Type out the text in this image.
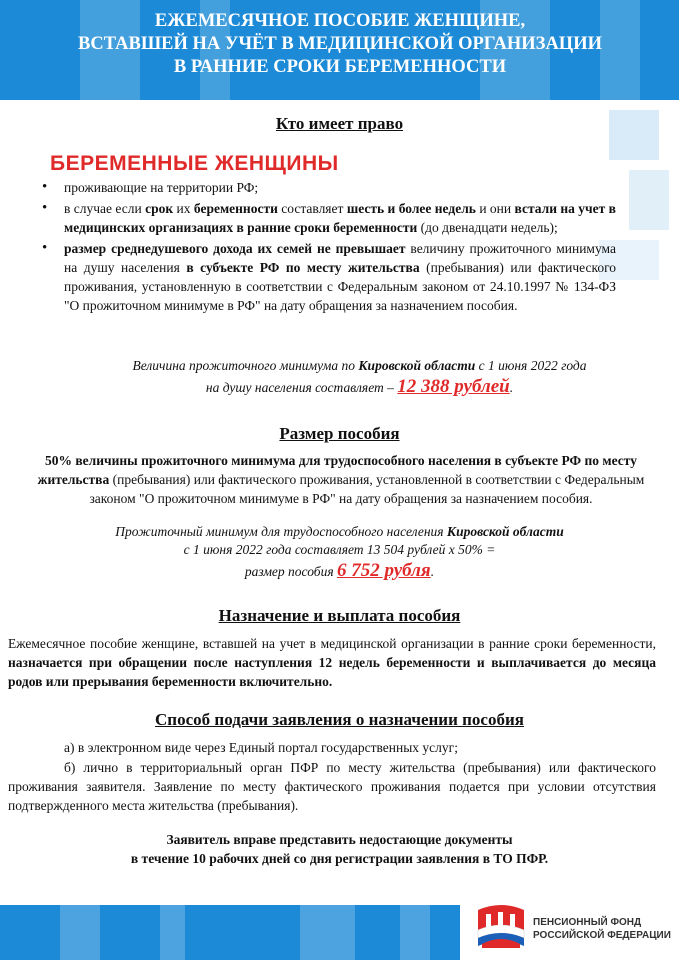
ЕЖЕМЕСЯЧНОЕ ПОСОБИЕ ЖЕНЩИНЕ,
ВСТАВШЕЙ НА УЧЁТ В МЕДИЦИНСКОЙ ОРГАНИЗАЦИИ
В РАННИЕ СРОКИ БЕРЕМЕННОСТИ
Кто имеет право
БЕРЕМЕННЫЕ ЖЕНЩИНЫ
• проживающие на территории РФ;
• в случае если срок их беременности составляет шесть и более недель и они встали на учет в медицинских организациях в ранние сроки беременности (до двенадцати недель);
• размер среднедушевого дохода их семей не превышает величину прожиточного минимума на душу населения в субъекте РФ по месту жительства (пребывания) или фактического проживания, установленную в соответствии с Федеральным законом от 24.10.1997 № 134-ФЗ "О прожиточном минимуме в РФ" на дату обращения за назначением пособия.
Величина прожиточного минимума по Кировской области с 1 июня 2022 года
на душу населения составляет – 12 388 рублей.
Размер пособия
50% величины прожиточного минимума для трудоспособного населения в субъекте РФ по месту жительства (пребывания) или фактического проживания, установленной в соответствии с Федеральным законом "О прожиточном минимуме в РФ" на дату обращения за назначением пособия.
Прожиточный минимум для трудоспособного населения Кировской области
с 1 июня 2022 года составляет 13 504 рублей х 50% =
размер пособия 6 752 рубля.
Назначение и выплата пособия
Ежемесячное пособие женщине, вставшей на учет в медицинской организации в ранние сроки беременности, назначается при обращении после наступления 12 недель беременности и выплачивается до месяца родов или прерывания беременности включительно.
Способ подачи заявления о назначении пособия
а) в электронном виде через Единый портал государственных услуг;
б) лично в территориальный орган ПФР по месту жительства (пребывания) или фактического проживания заявителя. Заявление по месту фактического проживания подается при условии отсутствия подтвержденного места жительства (пребывания).
Заявитель вправе представить недостающие документы
в течение 10 рабочих дней со дня регистрации заявления в ТО ПФР.
ПЕНСИОННЫЙ ФОНД
РОССИЙСКОЙ ФЕДЕРАЦИИ
